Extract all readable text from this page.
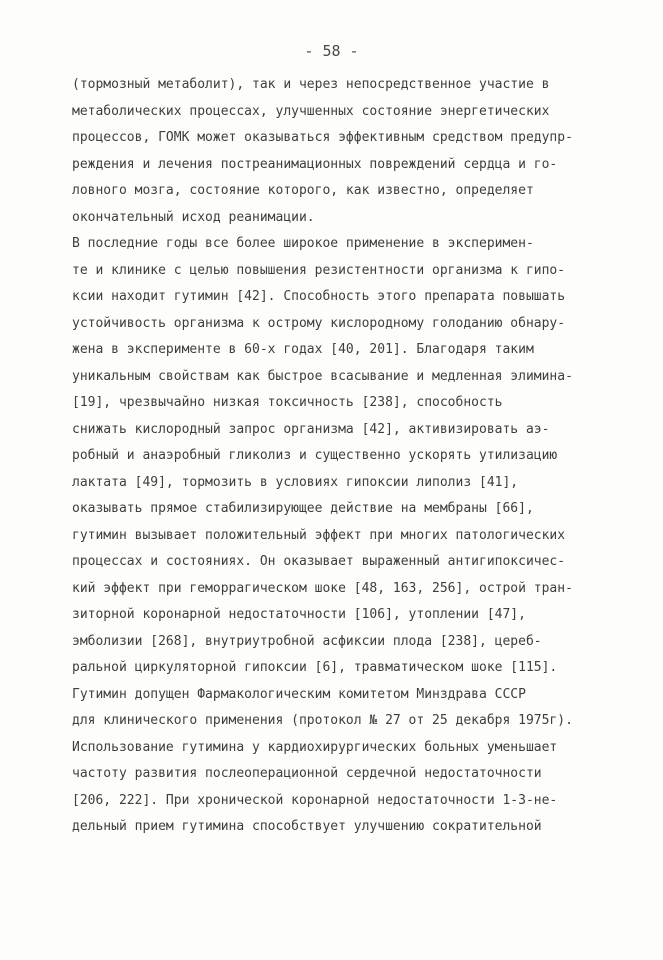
- 58 -
(тормозный метаболит), так и через непосредственное участие в
метаболических процессах, улучшенных состояние энергетических
процессов, ГОМК может оказываться эффективным средством предупр-
реждения и лечения постреанимационных повреждений сердца и го-
ловного мозга, состояние которого, как известно, определяет
окончательный исход реанимации.
В последние годы все более широкое применение в эксперимен-
те и клинике с целью повышения резистентности организма к гипо-
ксии находит гутимин [42]. Способность этого препарата повышать
устойчивость организма к острому кислородному голоданию обнару-
жена в эксперименте в 60-х годах [40, 201]. Благодаря таким
уникальным свойствам как быстрое всасывание и медленная элимина-
[19], чрезвычайно низкая токсичность [238], способность
снижать кислородный запрос организма [42], активизировать аэ-
робный и анаэробный гликолиз и существенно ускорять утилизацию
лактата [49], тормозить в условиях гипоксии липолиз [41],
оказывать прямое стабилизирующее действие на мембраны [66],
гутимин вызывает положительный эффект при многих патологических
процессах и состояниях. Он оказывает выраженный антигипоксичес-
кий эффект при геморрагическом шоке [48, 163, 256], острой тран-
зиторной коронарной недостаточности [106], утоплении [47],
эмболизии [268], внутриутробной асфиксии плода [238], церeб-
ральной циркуляторной гипоксии [6], травматическом шоке [115].
Гутимин допущен Фармакологическим комитетом Минздрава СССР
для клинического применения (протокол № 27 от 25 декабря 1975г).
Использование гутимина у кардиохирургических больных уменьшает
частоту развития послеоперационной сердечной недостаточности
[206, 222]. При хронической коронарной недостаточности 1-3-не-
дельный прием гутимина способствует улучшению сократительной
